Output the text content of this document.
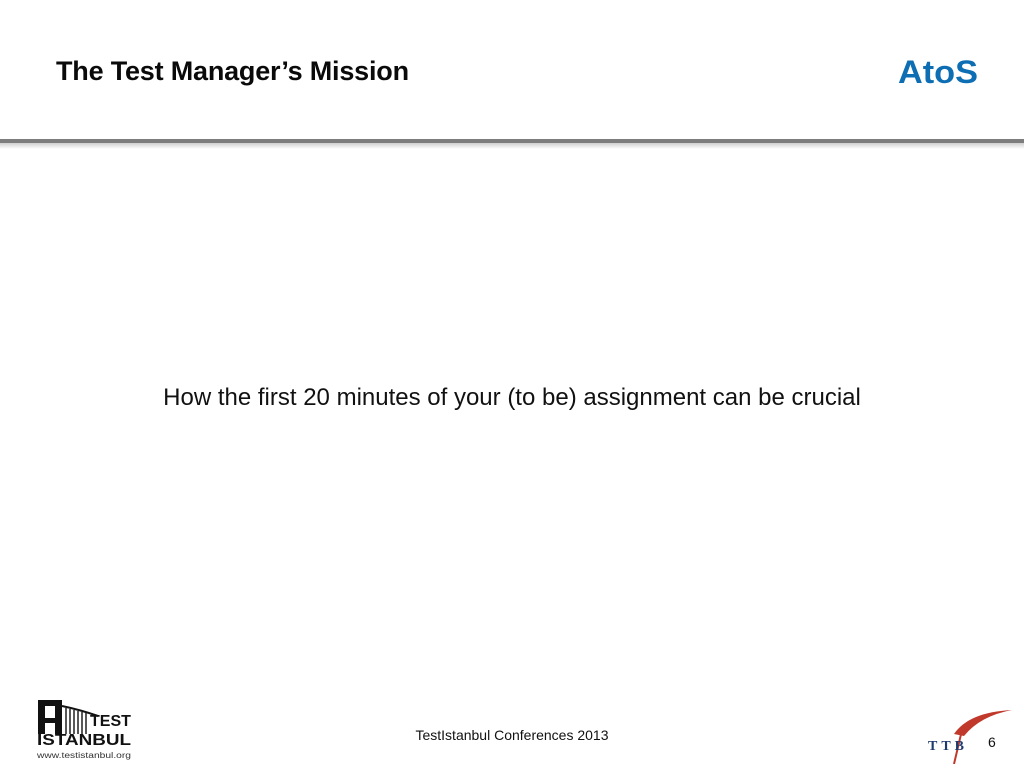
The Test Manager’s Mission	AtoS
How the first 20 minutes of your (to be) assignment can be crucial
TEST
ISTANBUL
www.testistanbul.org
TestIstanbul Conferences 2013
TTB 6
